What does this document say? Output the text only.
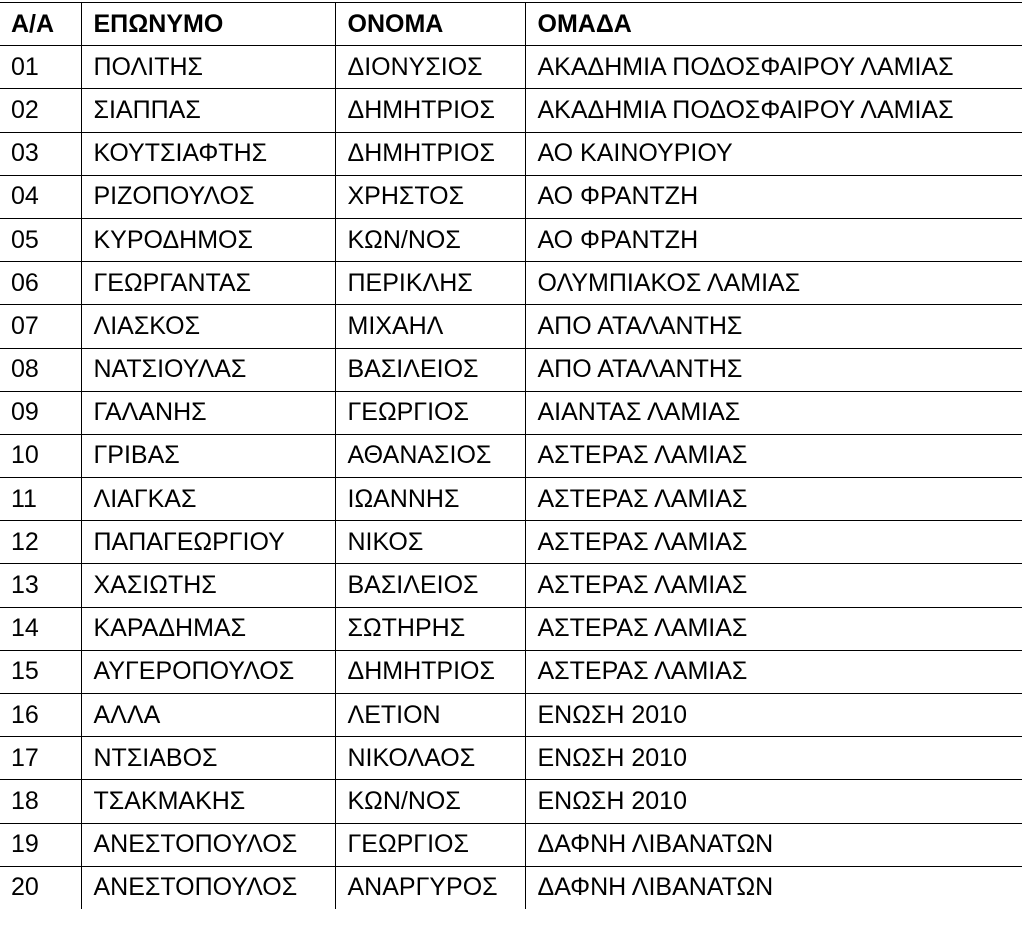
Α/Α	ΕΠΩΝΥΜΟ	ΟΝΟΜΑ	ΟΜΑΔΑ
01	ΠΟΛΙΤΗΣ	ΔΙΟΝΥΣΙΟΣ	ΑΚΑΔΗΜΙΑ ΠΟΔΟΣΦΑΙΡΟΥ ΛΑΜΙΑΣ
02	ΣΙΑΠΠΑΣ	ΔΗΜΗΤΡΙΟΣ	ΑΚΑΔΗΜΙΑ ΠΟΔΟΣΦΑΙΡΟΥ ΛΑΜΙΑΣ
03	ΚΟΥΤΣΙΑΦΤΗΣ	ΔΗΜΗΤΡΙΟΣ	ΑΟ ΚΑΙΝΟΥΡΙΟΥ
04	ΡΙΖΟΠΟΥΛΟΣ	ΧΡΗΣΤΟΣ	ΑΟ ΦΡΑΝΤΖΗ
05	ΚΥΡΟΔΗΜΟΣ	ΚΩΝ/ΝΟΣ	ΑΟ ΦΡΑΝΤΖΗ
06	ΓΕΩΡΓΑΝΤΑΣ	ΠΕΡΙΚΛΗΣ	ΟΛΥΜΠΙΑΚΟΣ ΛΑΜΙΑΣ
07	ΛΙΑΣΚΟΣ	ΜΙΧΑΗΛ	ΑΠΟ ΑΤΑΛΑΝΤΗΣ
08	ΝΑΤΣΙΟΥΛΑΣ	ΒΑΣΙΛΕΙΟΣ	ΑΠΟ ΑΤΑΛΑΝΤΗΣ
09	ΓΑΛΑΝΗΣ	ΓΕΩΡΓΙΟΣ	ΑΙΑΝΤΑΣ ΛΑΜΙΑΣ
10	ΓΡΙΒΑΣ	ΑΘΑΝΑΣΙΟΣ	ΑΣΤΕΡΑΣ ΛΑΜΙΑΣ
11	ΛΙΑΓΚΑΣ	ΙΩΑΝΝΗΣ	ΑΣΤΕΡΑΣ ΛΑΜΙΑΣ
12	ΠΑΠΑΓΕΩΡΓΙΟΥ	ΝΙΚΟΣ	ΑΣΤΕΡΑΣ ΛΑΜΙΑΣ
13	ΧΑΣΙΩΤΗΣ	ΒΑΣΙΛΕΙΟΣ	ΑΣΤΕΡΑΣ ΛΑΜΙΑΣ
14	ΚΑΡΑΔΗΜΑΣ	ΣΩΤΗΡΗΣ	ΑΣΤΕΡΑΣ ΛΑΜΙΑΣ
15	ΑΥΓΕΡΟΠΟΥΛΟΣ	ΔΗΜΗΤΡΙΟΣ	ΑΣΤΕΡΑΣ ΛΑΜΙΑΣ
16	ΑΛΛΑ	ΛΕΤΙΟΝ	ΕΝΩΣΗ 2010
17	ΝΤΣΙΑΒΟΣ	ΝΙΚΟΛΑΟΣ	ΕΝΩΣΗ 2010
18	ΤΣΑΚΜΑΚΗΣ	ΚΩΝ/ΝΟΣ	ΕΝΩΣΗ 2010
19	ΑΝΕΣΤΟΠΟΥΛΟΣ	ΓΕΩΡΓΙΟΣ	ΔΑΦΝΗ ΛΙΒΑΝΑΤΩΝ
20	ΑΝΕΣΤΟΠΟΥΛΟΣ	ΑΝΑΡΓΥΡΟΣ	ΔΑΦΝΗ ΛΙΒΑΝΑΤΩΝ
